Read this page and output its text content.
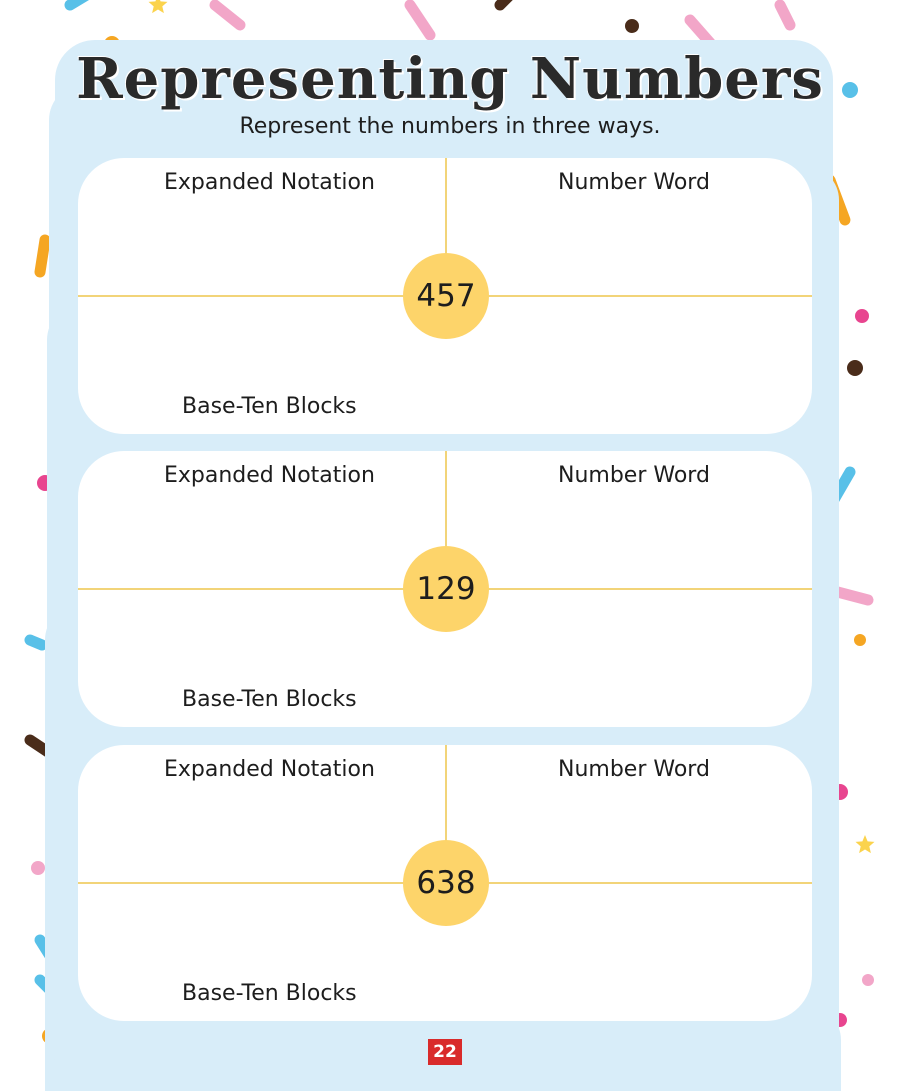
Representing Numbers
Represent the numbers in three ways.
Expanded Notation	Number Word
Base-Ten Blocks
457
Expanded Notation	Number Word
Base-Ten Blocks
129
Expanded Notation	Number Word
Base-Ten Blocks
638
22
